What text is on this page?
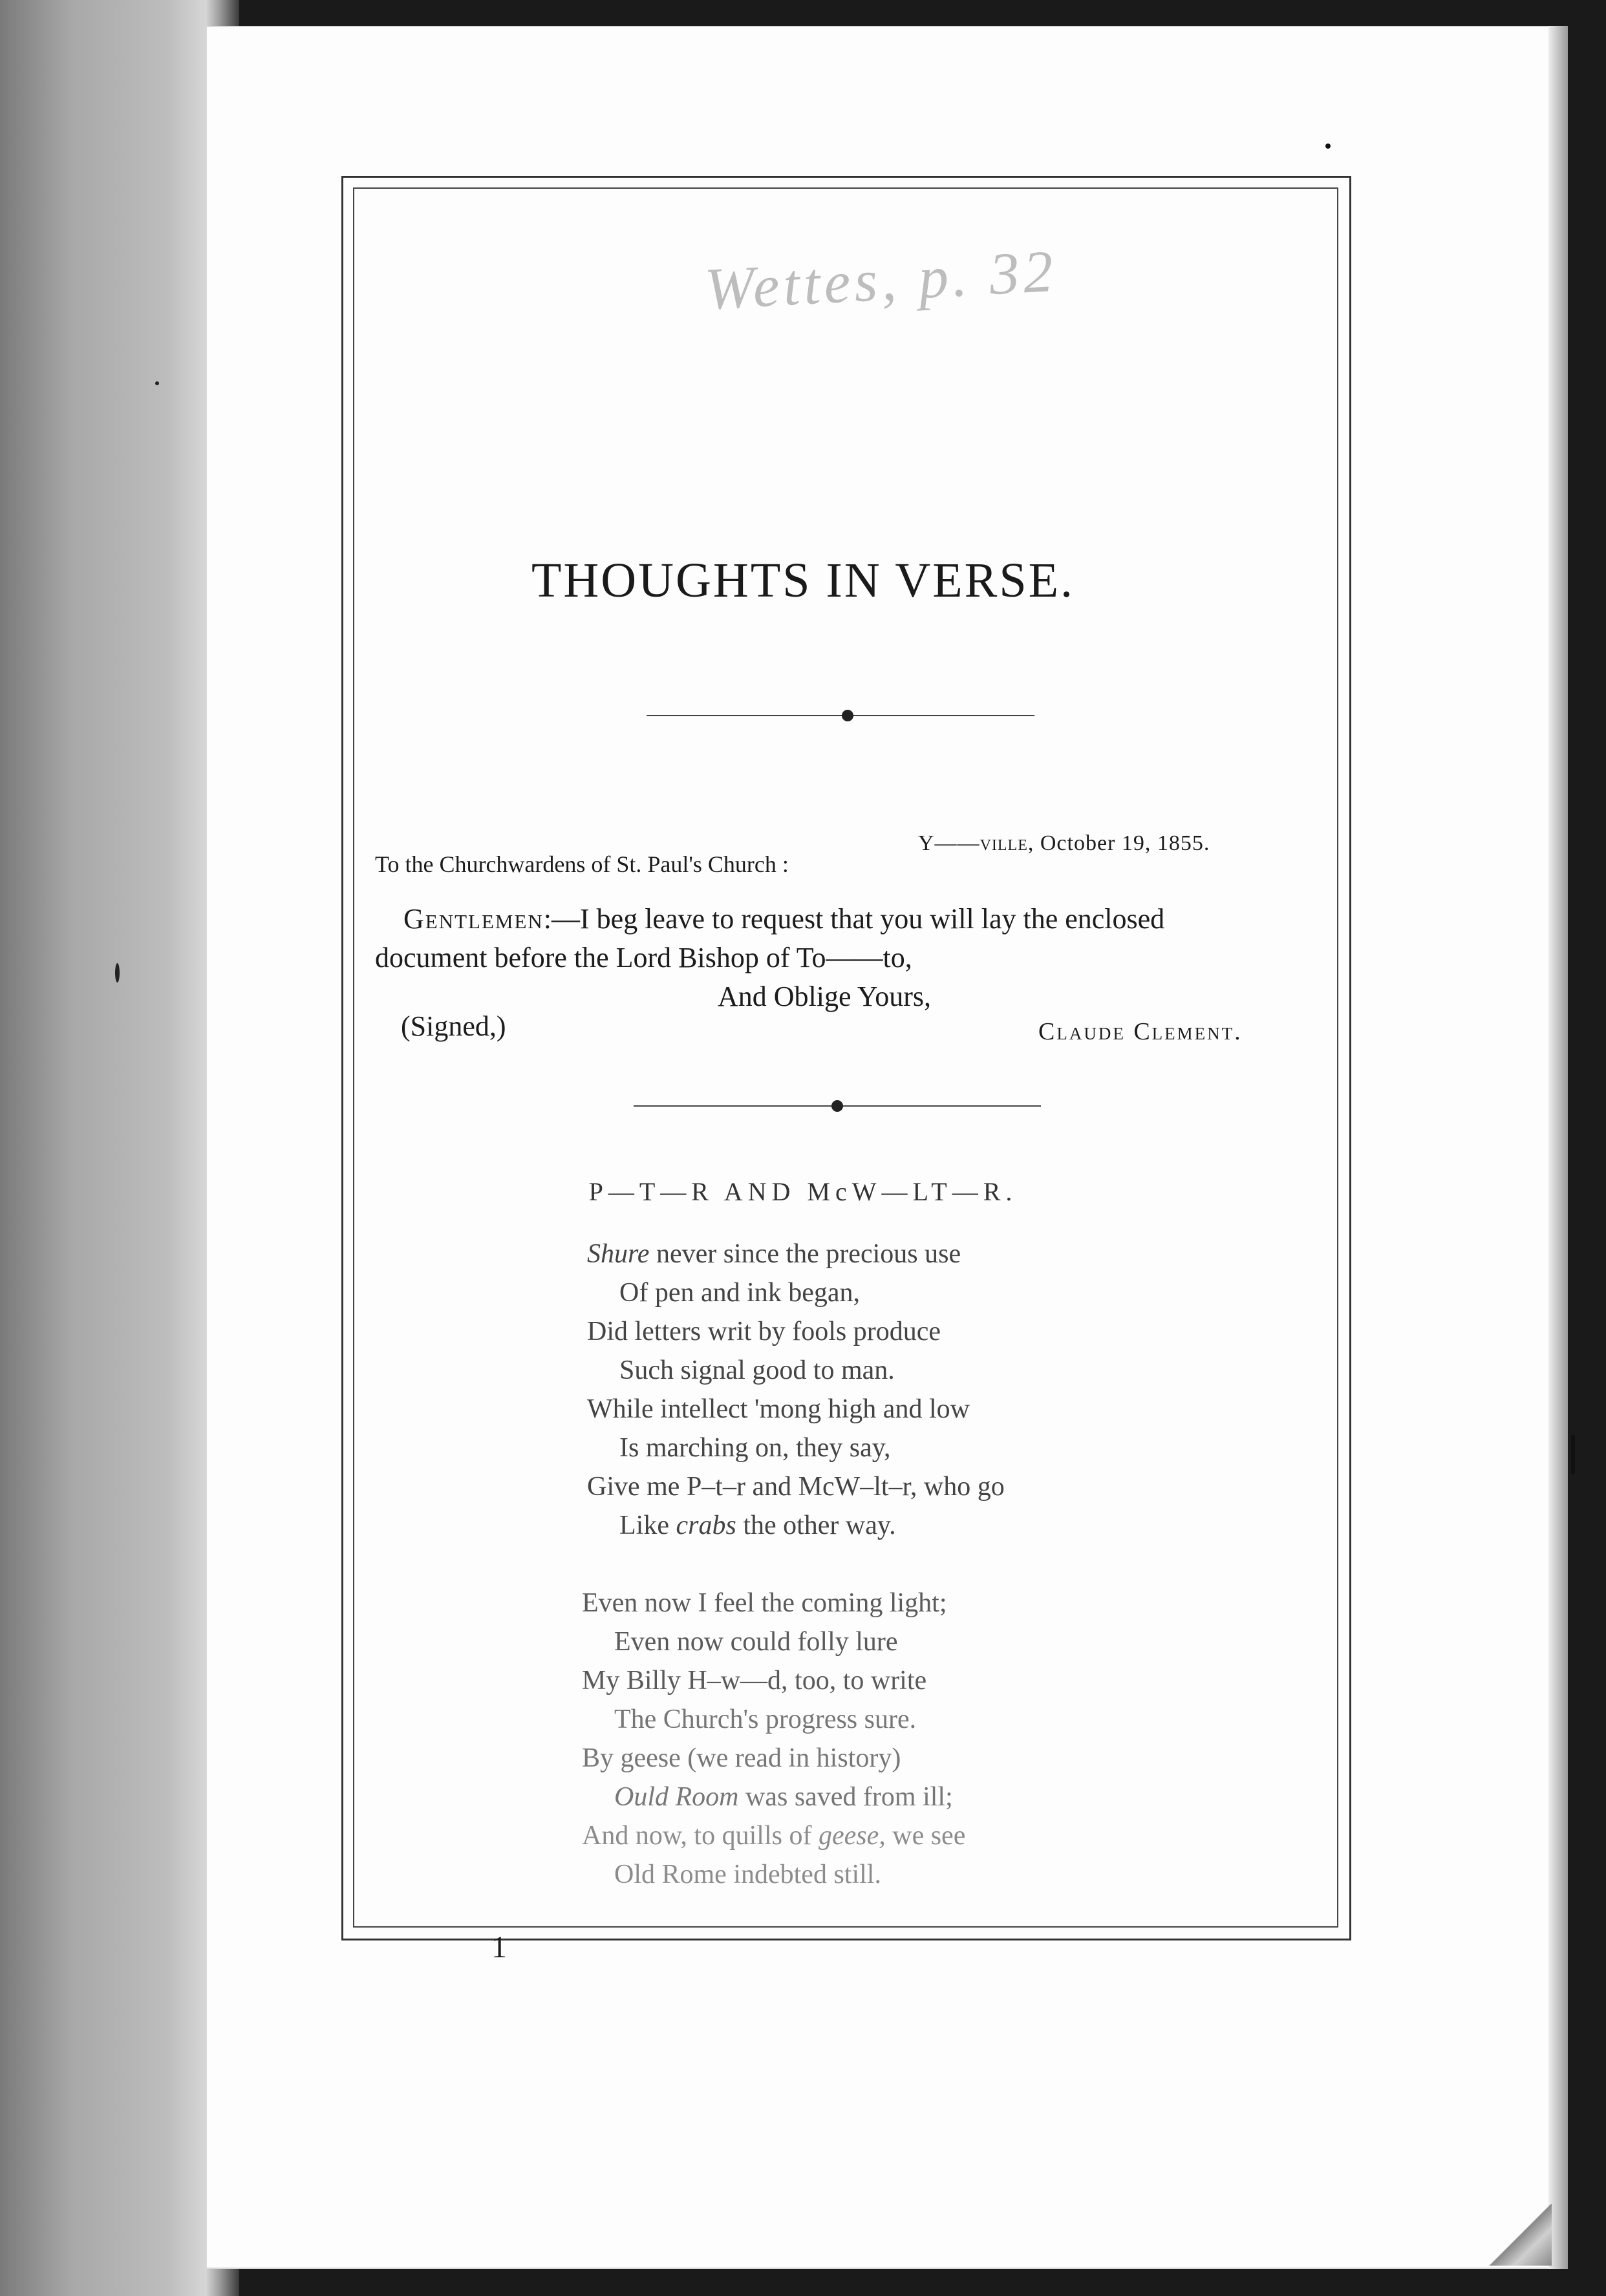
Wettes, p. 32
THOUGHTS IN VERSE.
Y——ville, October 19, 1855.
To the Churchwardens of St. Paul's Church :
Gentlemen:—I beg leave to request that you will lay the enclosed
document before the Lord Bishop of To——to,
And Oblige Yours,
(Signed,)	Claude Clement.
P—T—R AND McW—LT—R.
Shure never since the precious use
Of pen and ink began,
Did letters writ by fools produce
Such signal good to man.
While intellect 'mong high and low
Is marching on, they say,
Give me P–t–r and McW–lt–r, who go
Like crabs the other way.
Even now I feel the coming light;
Even now could folly lure
My Billy H–w—d, too, to write
The Church's progress sure.
By geese (we read in history)
Ould Room was saved from ill;
And now, to quills of geese, we see
Old Rome indebted still.
1
